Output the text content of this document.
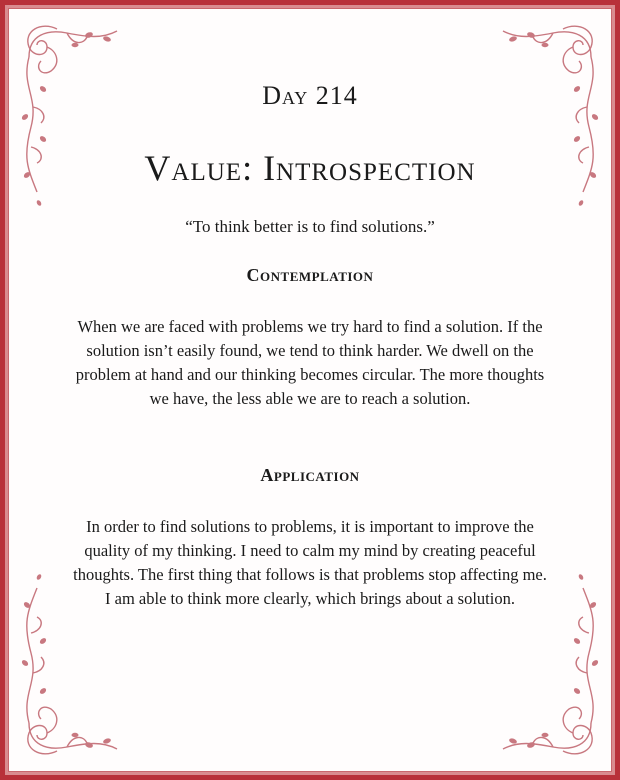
Day 214
Value: Introspection
“To think better is to find solutions.”
Contemplation
When we are faced with problems we try hard to find a solution. If the solution isn’t easily found, we tend to think harder. We dwell on the problem at hand and our thinking becomes circular. The more thoughts we have, the less able we are to reach a solution.
Application
In order to find solutions to problems, it is important to improve the quality of my thinking. I need to calm my mind by creating peaceful thoughts. The first thing that follows is that problems stop affecting me. I am able to think more clearly, which brings about a solution.
